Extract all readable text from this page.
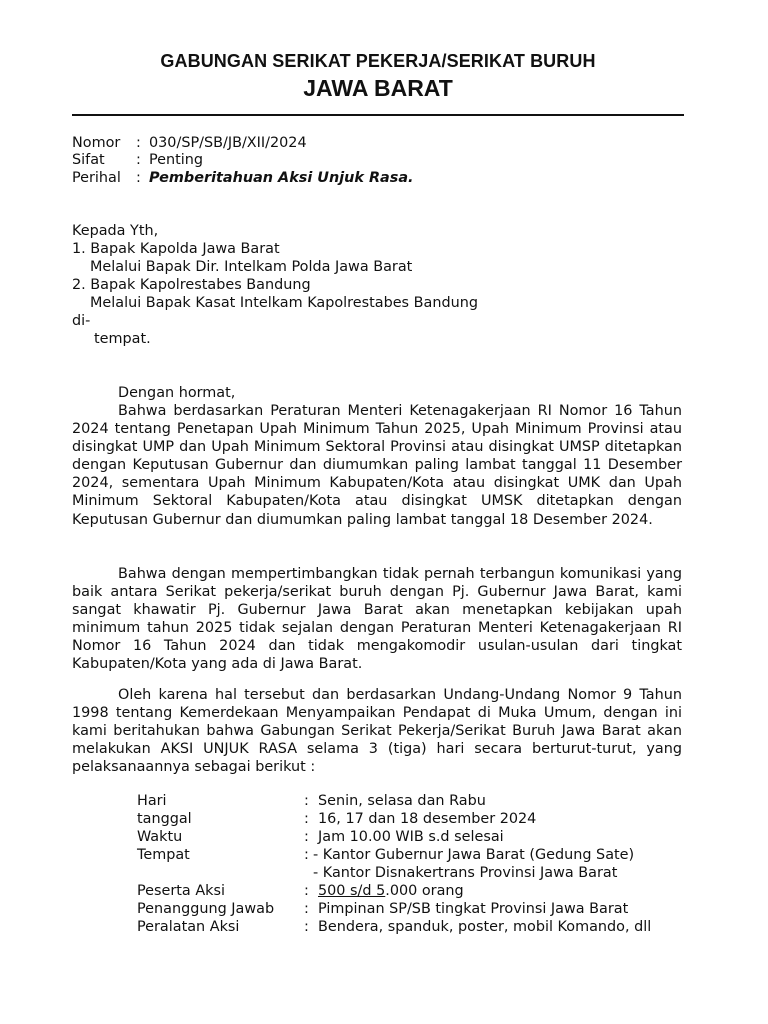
GABUNGAN SERIKAT PEKERJA/SERIKAT BURUH
JAWA BARAT
Nomor : 030/SP/SB/JB/XII/2024
Sifat : Penting
Perihal : Pemberitahuan Aksi Unjuk Rasa.
Kepada Yth,
1. Bapak Kapolda Jawa Barat
Melalui Bapak Dir. Intelkam Polda Jawa Barat
2. Bapak Kapolrestabes Bandung
Melalui Bapak Kasat Intelkam Kapolrestabes Bandung
di-
tempat.
Dengan hormat,
Bahwa berdasarkan Peraturan Menteri Ketenagakerjaan RI Nomor 16 Tahun 2024 tentang Penetapan Upah Minimum Tahun 2025, Upah Minimum Provinsi atau disingkat UMP dan Upah Minimum Sektoral Provinsi atau disingkat UMSP ditetapkan dengan Keputusan Gubernur dan diumumkan paling lambat tanggal 11 Desember 2024, sementara Upah Minimum Kabupaten/Kota atau disingkat UMK dan Upah Minimum Sektoral Kabupaten/Kota atau disingkat UMSK ditetapkan dengan Keputusan Gubernur dan diumumkan paling lambat tanggal 18 Desember 2024.
Bahwa dengan mempertimbangkan tidak pernah terbangun komunikasi yang baik antara Serikat pekerja/serikat buruh dengan Pj. Gubernur Jawa Barat, kami sangat khawatir Pj. Gubernur Jawa Barat akan menetapkan kebijakan upah minimum tahun 2025 tidak sejalan dengan Peraturan Menteri Ketenagakerjaan RI Nomor 16 Tahun 2024 dan tidak mengakomodir usulan-usulan dari tingkat Kabupaten/Kota yang ada di Jawa Barat.
Oleh karena hal tersebut dan berdasarkan Undang-Undang Nomor 9 Tahun 1998 tentang Kemerdekaan Menyampaikan Pendapat di Muka Umum, dengan ini kami beritahukan bahwa Gabungan Serikat Pekerja/Serikat Buruh Jawa Barat akan melakukan AKSI UNJUK RASA selama 3 (tiga) hari secara berturut-turut, yang pelaksanaannya sebagai berikut :
Hari	: Senin, selasa dan Rabu
tanggal	: 16, 17 dan 18 desember 2024
Waktu	: Jam 10.00 WIB s.d selesai
Tempat	: - Kantor Gubernur Jawa Barat (Gedung Sate)
- Kantor Disnakertrans Provinsi Jawa Barat
Peserta Aksi	: 500 s/d 5.000 orang
Penanggung Jawab : Pimpinan SP/SB tingkat Provinsi Jawa Barat
Peralatan Aksi	: Bendera, spanduk, poster, mobil Komando, dll
